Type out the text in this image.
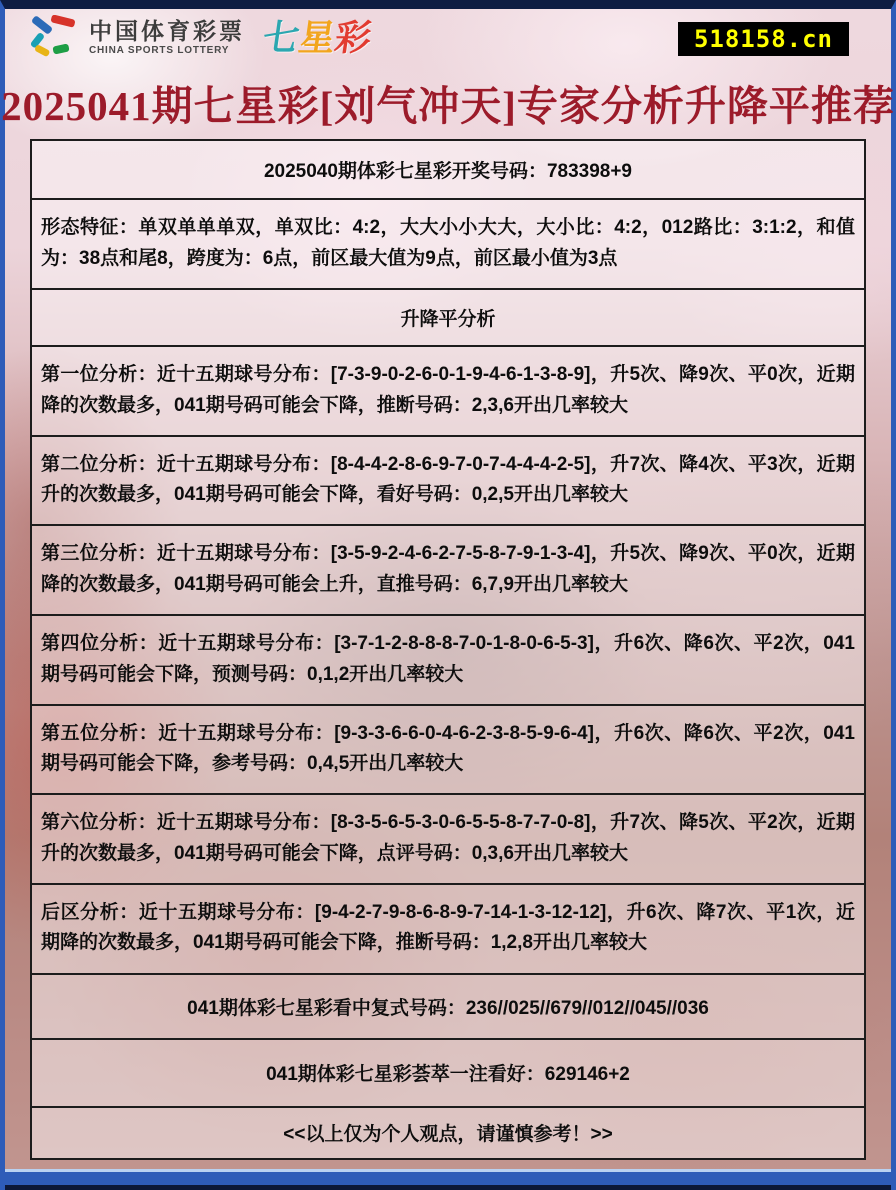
中国体育彩票
CHINA SPORTS LOTTERY 七
星
彩	518158.cn
2025041期七星彩[刘气冲天]专家分析升降平推荐
2025040期体彩七星彩开奖号码：783398+9
形态特征：单双单单单双，单双比：4:2，大大小小大大，大小比：4:2，012路比：3:1:2，和值为：38点和尾8，跨度为：6点，前区最大值为9点，前区最小值为3点
升降平分析
第一位分析：近十五期球号分布：[7-3-9-0-2-6-0-1-9-4-6-1-3-8-9]，升5次、降9次、平0次，近期降的次数最多，041期号码可能会下降，推断号码：2,3,6开出几率较大
第二位分析：近十五期球号分布：[8-4-4-2-8-6-9-7-0-7-4-4-4-2-5]，升7次、降4次、平3次，近期升的次数最多，041期号码可能会下降，看好号码：0,2,5开出几率较大
第三位分析：近十五期球号分布：[3-5-9-2-4-6-2-7-5-8-7-9-1-3-4]，升5次、降9次、平0次，近期降的次数最多，041期号码可能会上升，直推号码：6,7,9开出几率较大
第四位分析：近十五期球号分布：[3-7-1-2-8-8-8-7-0-1-8-0-6-5-3]，升6次、降6次、平2次，041期号码可能会下降，预测号码：0,1,2开出几率较大
第五位分析：近十五期球号分布：[9-3-3-6-6-0-4-6-2-3-8-5-9-6-4]，升6次、降6次、平2次，041期号码可能会下降，参考号码：0,4,5开出几率较大
第六位分析：近十五期球号分布：[8-3-5-6-5-3-0-6-5-5-8-7-7-0-8]，升7次、降5次、平2次，近期升的次数最多，041期号码可能会下降，点评号码：0,3,6开出几率较大
后区分析：近十五期球号分布：[9-4-2-7-9-8-6-8-9-7-14-1-3-12-12]，升6次、降7次、平1次，近期降的次数最多，041期号码可能会下降，推断号码：1,2,8开出几率较大
041期体彩七星彩看中复式号码：236//025//679//012//045//036
041期体彩七星彩荟萃一注看好：629146+2
<<以上仅为个人观点，请谨慎参考！>>
